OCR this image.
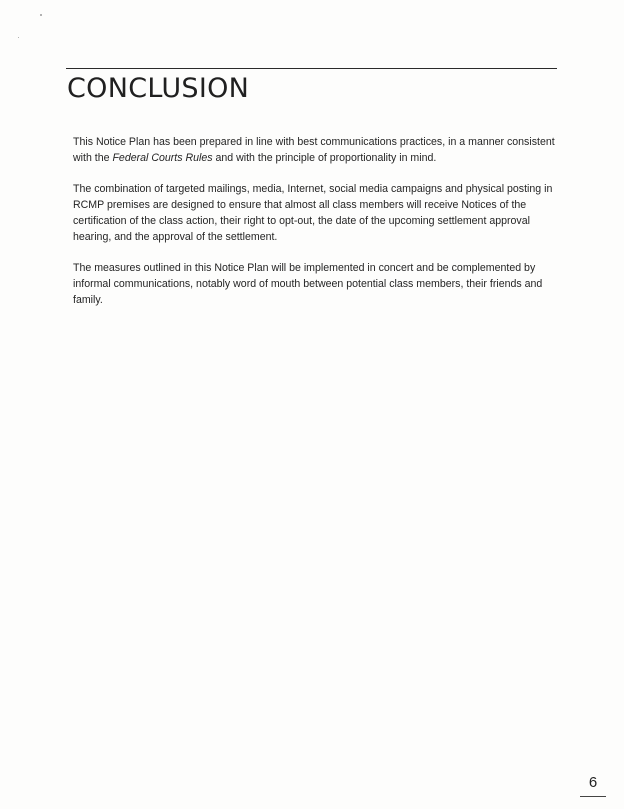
CONCLUSION

This Notice Plan has been prepared in line with best communications practices, in a manner consistent with the Federal Courts Rules and with the principle of proportionality in mind.

The combination of targeted mailings, media, Internet, social media campaigns and physical posting in RCMP premises are designed to ensure that almost all class members will receive Notices of the certification of the class action, their right to opt-out, the date of the upcoming settlement approval hearing, and the approval of the settlement.

The measures outlined in this Notice Plan will be implemented in concert and be complemented by informal communications, notably word of mouth between potential class members, their friends and family.

6
